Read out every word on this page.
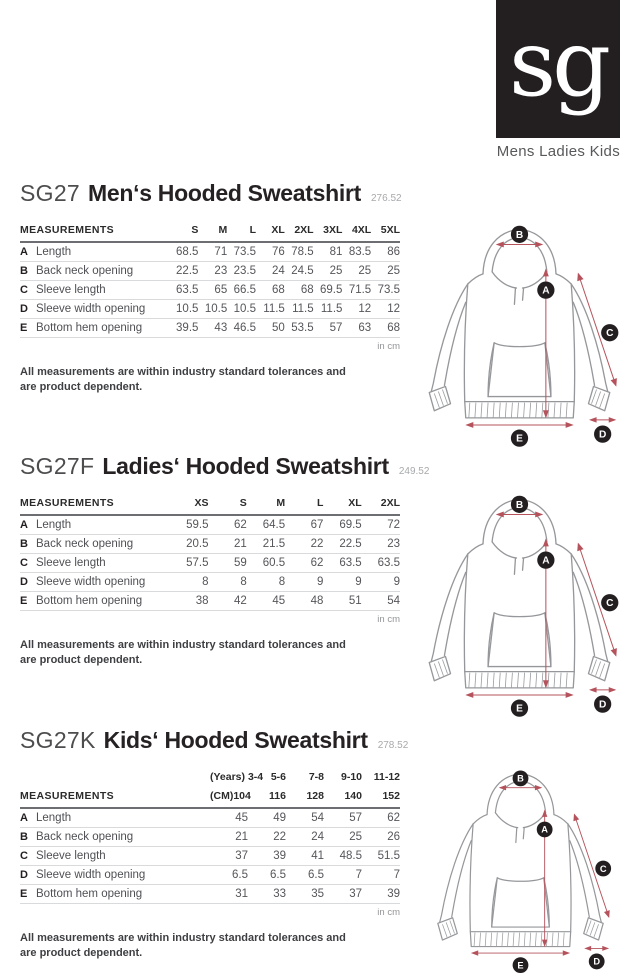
sg
Mens Ladies Kids
SG27 Men‘s Hooded Sweatshirt 276.52
MEASUREMENTS		S	M	L	XL	2XL	3XL	4XL	5XL
A	Length	68.5	71	73.5	76	78.5	81	83.5	86
B	Back neck opening	22.5	23	23.5	24	24.5	25	25	25
C	Sleeve length	63.5	65	66.5	68	68	69.5	71.5	73.5
D	Sleeve width opening	10.5	10.5	10.5	11.5	11.5	11.5	12	12
E	Bottom hem opening	39.5	43	46.5	50	53.5	57	63	68
in cm
All measurements are within industry standard tolerances and are product dependent.
B
A
C
D
E
SG27F Ladies‘ Hooded Sweatshirt 249.52
MEASUREMENTS		XS	S	M	L	XL	2XL
A	Length	59.5	62	64.5	67	69.5	72
B	Back neck opening	20.5	21	21.5	22	22.5	23
C	Sleeve length	57.5	59	60.5	62	63.5	63.5
D	Sleeve width opening	8	8	8	9	9	9
E	Bottom hem opening	38	42	45	48	51	54
in cm
All measurements are within industry standard tolerances and are product dependent.
B
A
C
D
E
SG27K Kids‘ Hooded Sweatshirt 278.52
		(Years) 3-4	5-6	7-8	9-10	11-12
MEASUREMENTS		(CM)104	116	128	140	152
A	Length	45	49	54	57	62
B	Back neck opening	21	22	24	25	26
C	Sleeve length	37	39	41	48.5	51.5
D	Sleeve width opening	6.5	6.5	6.5	7	7
E	Bottom hem opening	31	33	35	37	39
in cm
All measurements are within industry standard tolerances and are product dependent.
B
A
C
D
E
